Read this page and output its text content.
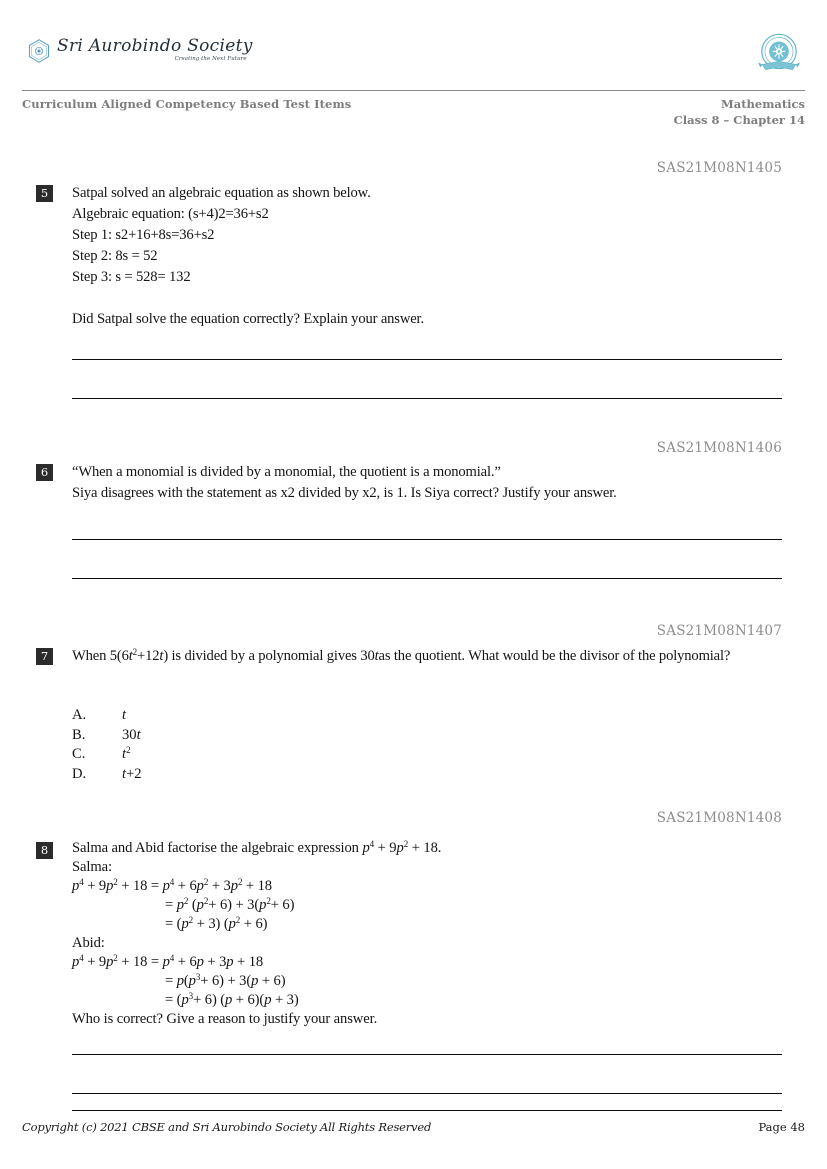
Sri Aurobindo Society
Creating the Next Future
Curriculum Aligned Competency Based Test Items	Mathematics
Class 8 – Chapter 14
SAS21M08N1405
5	Satpal solved an algebraic equation as shown below.

Algebraic equation: (s+4)2=36+s2

Step 1: s2+16+8s=36+s2

Step 2: 8s = 52

Step 3: s = 528= 132

Did Satpal solve the equation correctly? Explain your answer.

SAS21M08N1406
6	“When a monomial is divided by a monomial, the quotient is a monomial.”

Siya disagrees with the statement as x2 divided by x2, is 1. Is Siya correct? Justify your answer.

SAS21M08N1407
7	When $5(6t^2+12t)$ is divided by a polynomial gives 30tas the quotient. What would be the divisor of the polynomial?

A.	t
B.	30t
C.	$t^2$
D.	t+2
SAS21M08N1408
8	Salma and Abid factorise the algebraic expression $p^4 + 9p^2 + 18$.

Salma:

$p^4 + 9p^2 + 18 = p^4 + 6p^2 + 3p^2 + 18$

= $p^2$ $(p^2+ 6) + 3(p^2+ 6)$

= $(p^2 + 3) (p^2 + 6)$

Abid:

$p^4 + 9p^2 + 18 = p^4 + 6p + 3p + 18$

= $p(p^3+ 6) + 3(p + 6)$

= $(p^3+ 6) (p + 6)(p + 3)$

Who is correct? Give a reason to justify your answer.

Copyright (c) 2021 CBSE and Sri Aurobindo Society All Rights Reserved	Page 48
